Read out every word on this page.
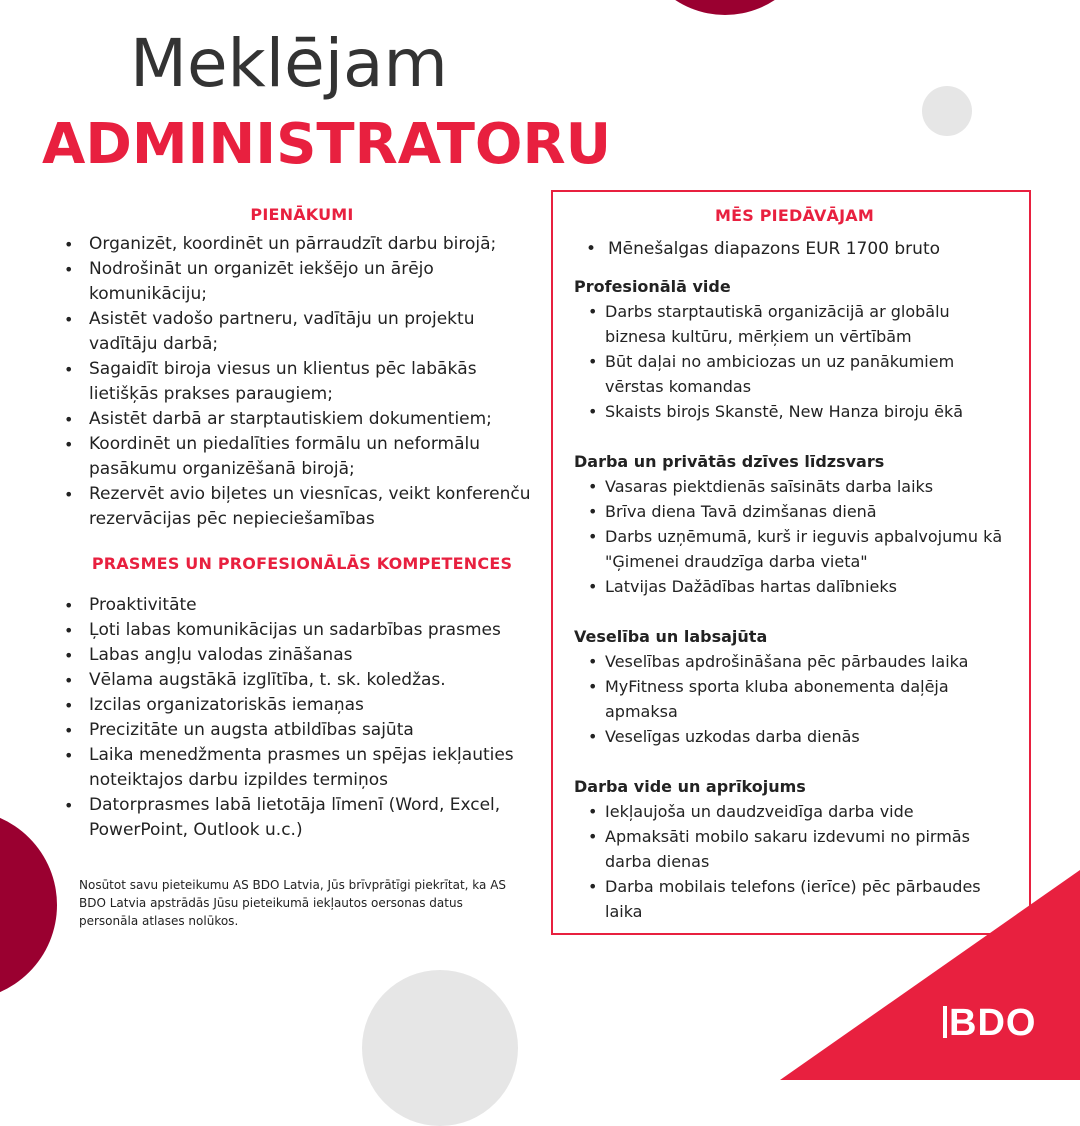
Meklējam
ADMINISTRATORU
PIENĀKUMI
• Organizēt, koordinēt un pārraudzīt darbu birojā;
• Nodrošināt un organizēt iekšējo un ārējo komunikāciju;
• Asistēt vadošo partneru, vadītāju un projektu vadītāju darbā;
• Sagaidīt biroja viesus un klientus pēc labākās lietišķās prakses paraugiem;
• Asistēt darbā ar starptautiskiem dokumentiem;
• Koordinēt un piedalīties formālu un neformālu pasākumu organizēšanā birojā;
• Rezervēt avio biļetes un viesnīcas, veikt konferenču rezervācijas pēc nepieciešamības
PRASMES UN PROFESIONĀLĀS KOMPETENCES
• Proaktivitāte
• Ļoti labas komunikācijas un sadarbības prasmes
• Labas angļu valodas zināšanas
• Vēlama augstākā izglītība, t. sk. koledžas.
• Izcilas organizatoriskās iemaņas
• Precizitāte un augsta atbildības sajūta
• Laika menedžmenta prasmes un spējas iekļauties noteiktajos darbu izpildes termiņos
• Datorprasmes labā lietotāja līmenī (Word, Excel, PowerPoint, Outlook u.c.)
Nosūtot savu pieteikumu AS BDO Latvia, Jūs brīvprātīgi piekrītat, ka AS BDO Latvia apstrādās Jūsu pieteikumā iekļautos oersonas datus personāla atlases nolūkos.
MĒS PIEDĀVĀJAM
• Mēnešalgas diapazons EUR 1700 bruto
Profesionālā vide
• Darbs starptautiskā organizācijā ar globālu biznesa kultūru, mērķiem un vērtībām
• Būt daļai no ambiciozas un uz panākumiem vērstas komandas
• Skaists birojs Skanstē, New Hanza biroju ēkā
Darba un privātās dzīves līdzsvars
• Vasaras piektdienās saīsināts darba laiks
• Brīva diena Tavā dzimšanas dienā
• Darbs uzņēmumā, kurš ir ieguvis apbalvojumu kā "Ģimenei draudzīga darba vieta"
• Latvijas Dažādības hartas dalībnieks
Veselība un labsajūta
• Veselības apdrošināšana pēc pārbaudes laika
• MyFitness sporta kluba abonementa daļēja apmaksa
• Veselīgas uzkodas darba dienās
Darba vide un aprīkojums
• Iekļaujoša un daudzveidīga darba vide
• Apmaksāti mobilo sakaru izdevumi no pirmās darba dienas
• Darba mobilais telefons (ierīce) pēc pārbaudes laika
BDO
